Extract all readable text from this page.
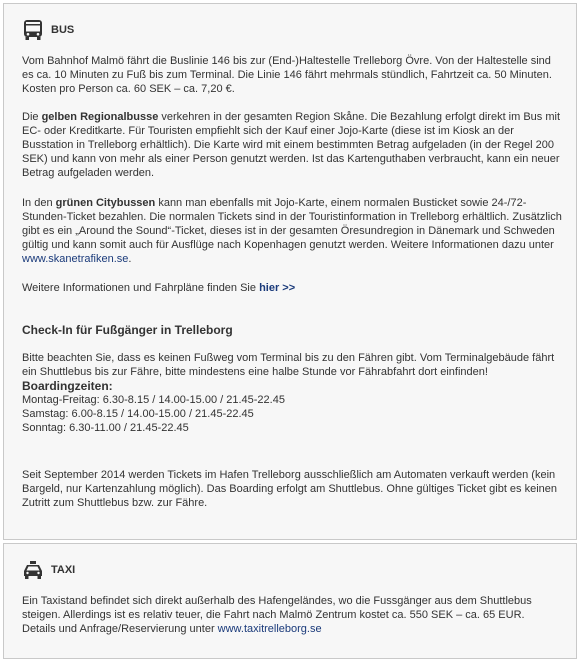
BUS

Vom Bahnhof Malmö fährt die Buslinie 146 bis zur (End-)Haltestelle Trelleborg Övre. Von der Haltestelle sind es ca. 10 Minuten zu Fuß bis zum Terminal. Die Linie 146 fährt mehrmals stündlich, Fahrtzeit ca. 50 Minuten. Kosten pro Person ca. 60 SEK – ca. 7,20 €.

Die gelben Regionalbusse verkehren in der gesamten Region Skåne. Die Bezahlung erfolgt direkt im Bus mit EC- oder Kreditkarte. Für Touristen empfiehlt sich der Kauf einer Jojo-Karte (diese ist im Kiosk an der Busstation in Trelleborg erhältlich). Die Karte wird mit einem bestimmten Betrag aufgeladen (in der Regel 200 SEK) und kann von mehr als einer Person genutzt werden. Ist das Kartenguthaben verbraucht, kann ein neuer Betrag aufgeladen werden.

In den grünen Citybussen kann man ebenfalls mit Jojo-Karte, einem normalen Busticket sowie 24-/72-Stunden-Ticket bezahlen. Die normalen Tickets sind in der Touristinformation in Trelleborg erhältlich. Zusätzlich gibt es ein „Around the Sound“-Ticket, dieses ist in der gesamten Öresundregion in Dänemark und Schweden gültig und kann somit auch für Ausflüge nach Kopenhagen genutzt werden. Weitere Informationen dazu unter www.skanetrafiken.se.

Weitere Informationen und Fahrpläne finden Sie hier >>

Check-In für Fußgänger in Trelleborg

Bitte beachten Sie, dass es keinen Fußweg vom Terminal bis zu den Fähren gibt. Vom Terminalgebäude fährt ein Shuttlebus bis zur Fähre, bitte mindestens eine halbe Stunde vor Fährabfahrt dort einfinden!

Boardingzeiten:
Montag-Freitag: 6.30-8.15 / 14.00-15.00 / 21.45-22.45
Samstag: 6.00-8.15 / 14.00-15.00 / 21.45-22.45
Sonntag: 6.30-11.00 / 21.45-22.45

Seit September 2014 werden Tickets im Hafen Trelleborg ausschließlich am Automaten verkauft werden (kein Bargeld, nur Kartenzahlung möglich). Das Boarding erfolgt am Shuttlebus. Ohne gültiges Ticket gibt es keinen Zutritt zum Shuttlebus bzw. zur Fähre.

TAXI

Ein Taxistand befindet sich direkt außerhalb des Hafengeländes, wo die Fussgänger aus dem Shuttlebus steigen. Allerdings ist es relativ teuer, die Fahrt nach Malmö Zentrum kostet ca. 550 SEK – ca. 65 EUR.

Details und Anfrage/Reservierung unter www.taxitrelleborg.se
